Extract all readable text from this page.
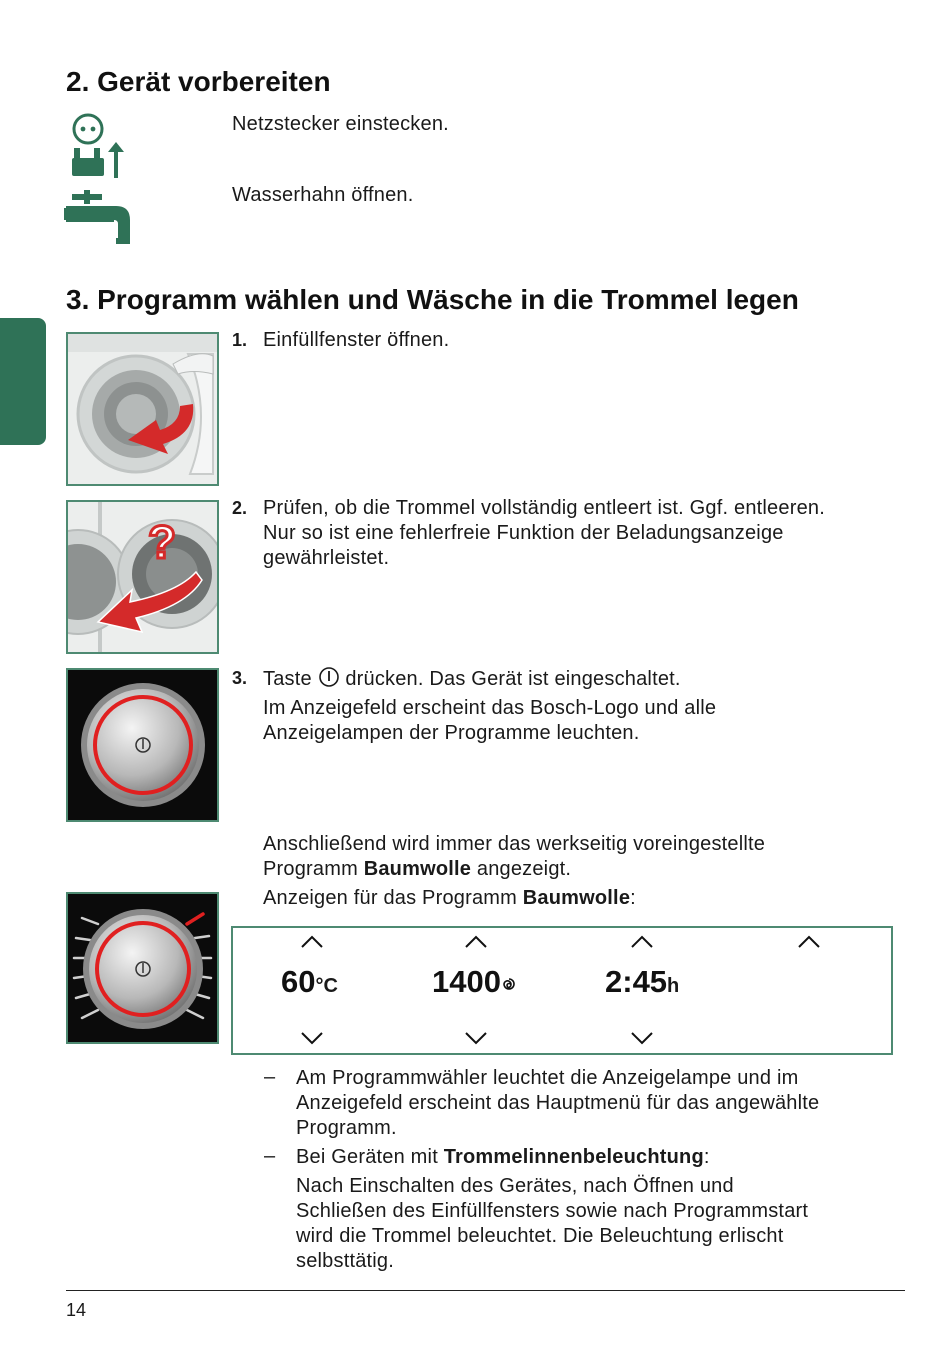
2. Gerät vorbereiten
Netzstecker einstecken.
Wasserhahn öffnen.
3. Programm wählen und Wäsche in die Trommel legen
1. Einfüllfenster öffnen.
?
2. Prüfen, ob die Trommel vollständig entleert ist. Ggf. entleeren.
Nur so ist eine fehlerfreie Funktion der Beladungsanzeige
gewährleistet.
3. Taste  drücken. Das Gerät ist eingeschaltet.
Im Anzeigefeld erscheint das Bosch-Logo und alle
Anzeigelampen der Programme leuchten.
Anschließend wird immer das werkseitig voreingestellte
Programm Baumwolle angezeigt.
Anzeigen für das Programm Baumwolle:
60°C	1400	2:45h
– Am Programmwähler leuchtet die Anzeigelampe und im
Anzeigefeld erscheint das Hauptmenü für das angewählte
Programm.
– Bei Geräten mit Trommelinnenbeleuchtung:
Nach Einschalten des Gerätes, nach Öffnen und
Schließen des Einfüllfensters sowie nach Programmstart
wird die Trommel beleuchtet. Die Beleuchtung erlischt
selbsttätig.
14
